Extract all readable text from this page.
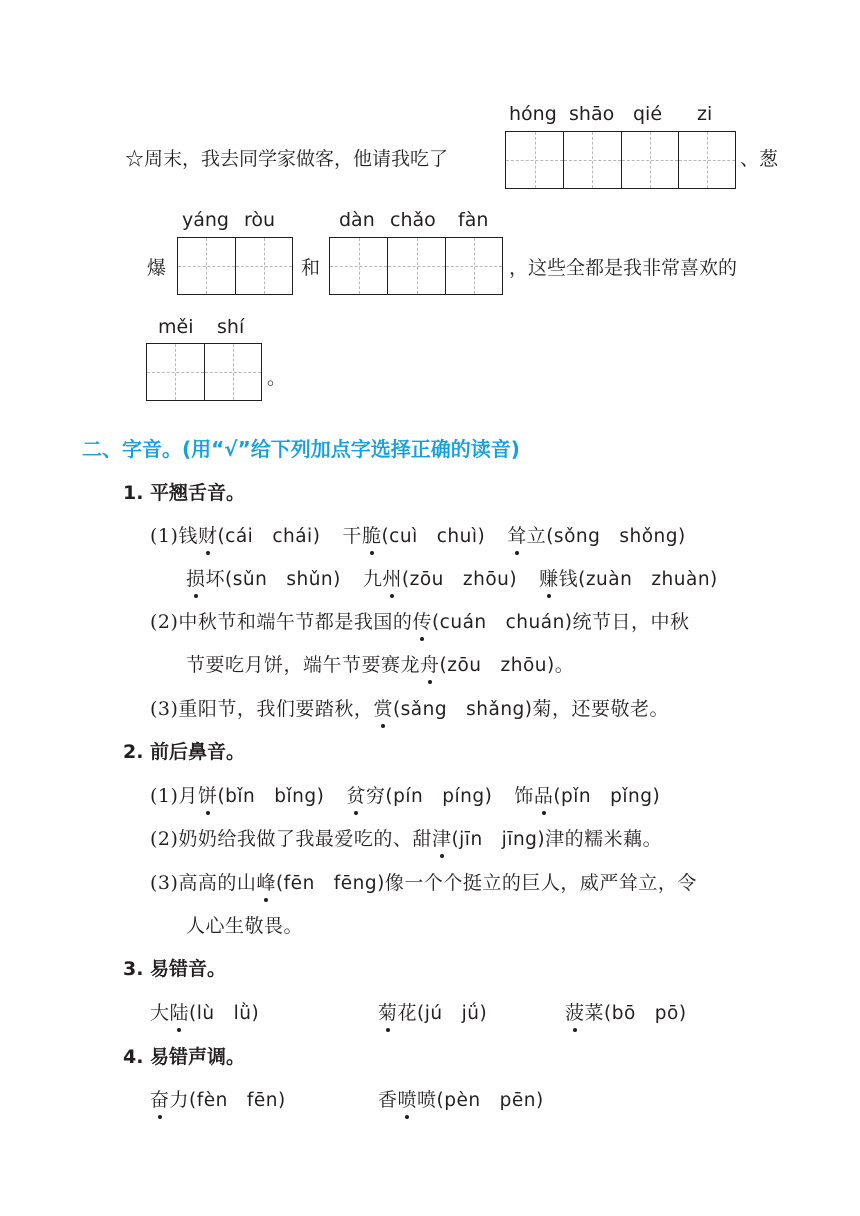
hóng shāo qié zi
☆周末，我去同学家做客，他请我吃了	、葱
yáng ròu	dàn chǎo fàn
爆	和	，这些全都是我非常喜欢的
měi shí
。
二、字音。(用“√”给下列加点字选择正确的读音)
1. 平翘舌音。
(1)钱财(cái　chái) 干脆(cuì　chuì) 耸立(sǒng　shǒng)
损坏(sǔn　shǔn) 九州(zōu　zhōu) 赚钱(zuàn　zhuàn)
(2)中秋节和端午节都是我国的传(cuán　chuán)统节日，中秋
节要吃月饼，端午节要赛龙舟(zōu　zhōu)。
(3)重阳节，我们要踏秋，赏(sǎng　shǎng)菊，还要敬老。
2. 前后鼻音。
(1)月饼(bǐn　bǐng) 贫穷(pín　píng) 饰品(pǐn　pǐng)
(2)奶奶给我做了我最爱吃的、甜津(jīn　jīng)津的糯米藕。
(3)高高的山峰(fēn　fēng)像一个个挺立的巨人，威严耸立，令
人心生敬畏。
3. 易错音。
大陆(lù　lǜ)	菊花(jú　jǘ)	菠菜(bō　pō)
4. 易错声调。
奋力(fèn　fēn)	香喷喷(pèn　pēn)
